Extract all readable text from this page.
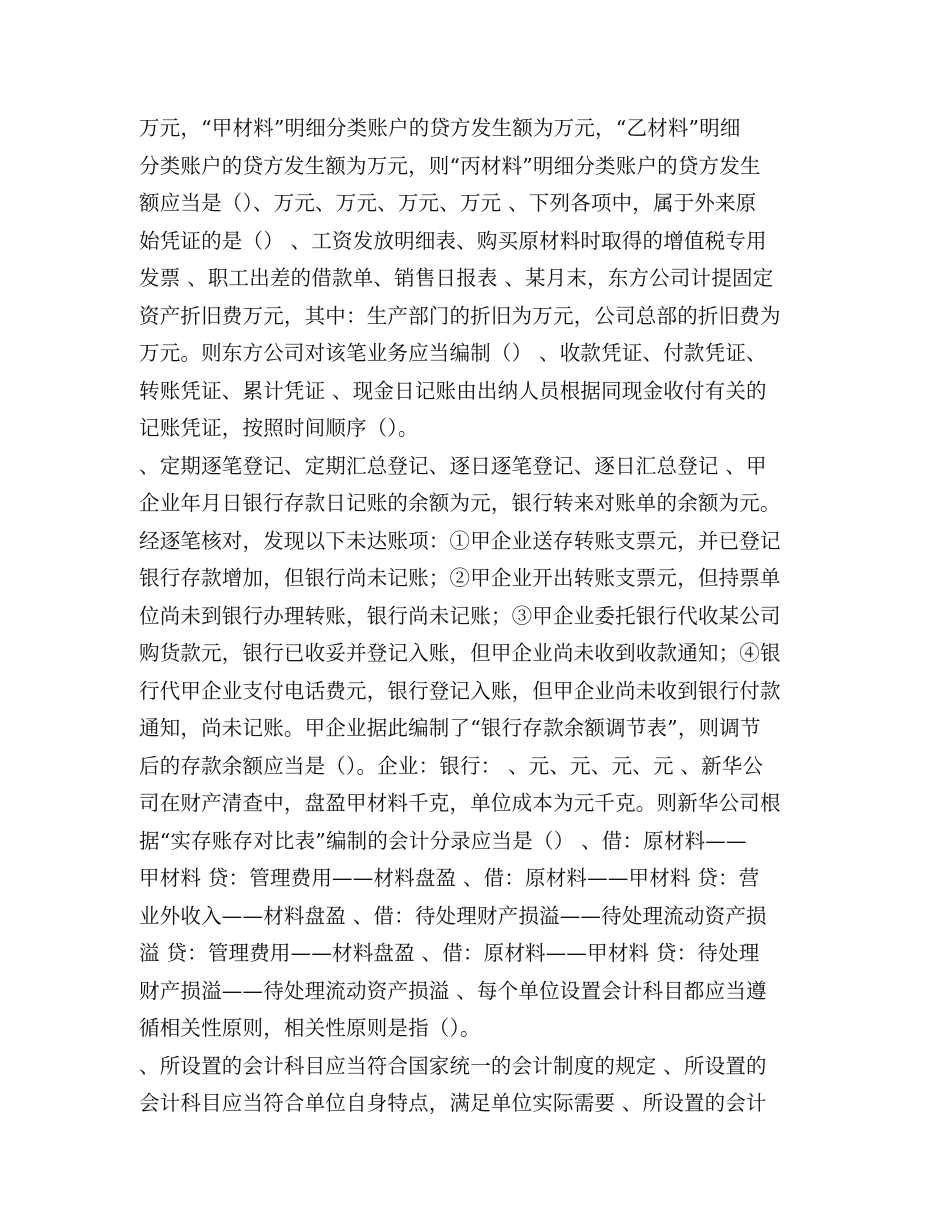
万元，“甲材料”明细分类账户的贷方发生额为万元，“乙材料”明细
分类账户的贷方发生额为万元，则“丙材料”明细分类账户的贷方发生
额应当是（）、万元、万元、万元、万元 、下列各项中，属于外来原
始凭证的是（） 、工资发放明细表、购买原材料时取得的增值税专用
发票 、职工出差的借款单、销售日报表 、某月末，东方公司计提固定
资产折旧费万元，其中：生产部门的折旧为万元，公司总部的折旧费为
万元。则东方公司对该笔业务应当编制（） 、收款凭证、付款凭证、
转账凭证、累计凭证 、现金日记账由出纳人员根据同现金收付有关的
记账凭证，按照时间顺序（）。
、定期逐笔登记、定期汇总登记、逐日逐笔登记、逐日汇总登记 、甲
企业年月日银行存款日记账的余额为元，银行转来对账单的余额为元。
经逐笔核对，发现以下未达账项：①甲企业送存转账支票元，并已登记
银行存款增加，但银行尚未记账；②甲企业开出转账支票元，但持票单
位尚未到银行办理转账，银行尚未记账；③甲企业委托银行代收某公司
购货款元，银行已收妥并登记入账，但甲企业尚未收到收款通知；④银
行代甲企业支付电话费元，银行登记入账，但甲企业尚未收到银行付款
通知，尚未记账。甲企业据此编制了“银行存款余额调节表”，则调节
后的存款余额应当是（）。企业：银行： 、元、元、元、元 、新华公
司在财产清查中，盘盈甲材料千克，单位成本为元千克。则新华公司根
据“实存账存对比表”编制的会计分录应当是（） 、借：原材料——
甲材料 贷：管理费用——材料盘盈 、借：原材料——甲材料 贷：营
业外收入——材料盘盈 、借：待处理财产损溢——待处理流动资产损
溢 贷：管理费用——材料盘盈 、借：原材料——甲材料 贷：待处理
财产损溢——待处理流动资产损溢 、每个单位设置会计科目都应当遵
循相关性原则，相关性原则是指（）。
、所设置的会计科目应当符合国家统一的会计制度的规定 、所设置的
会计科目应当符合单位自身特点，满足单位实际需要 、所设置的会计
